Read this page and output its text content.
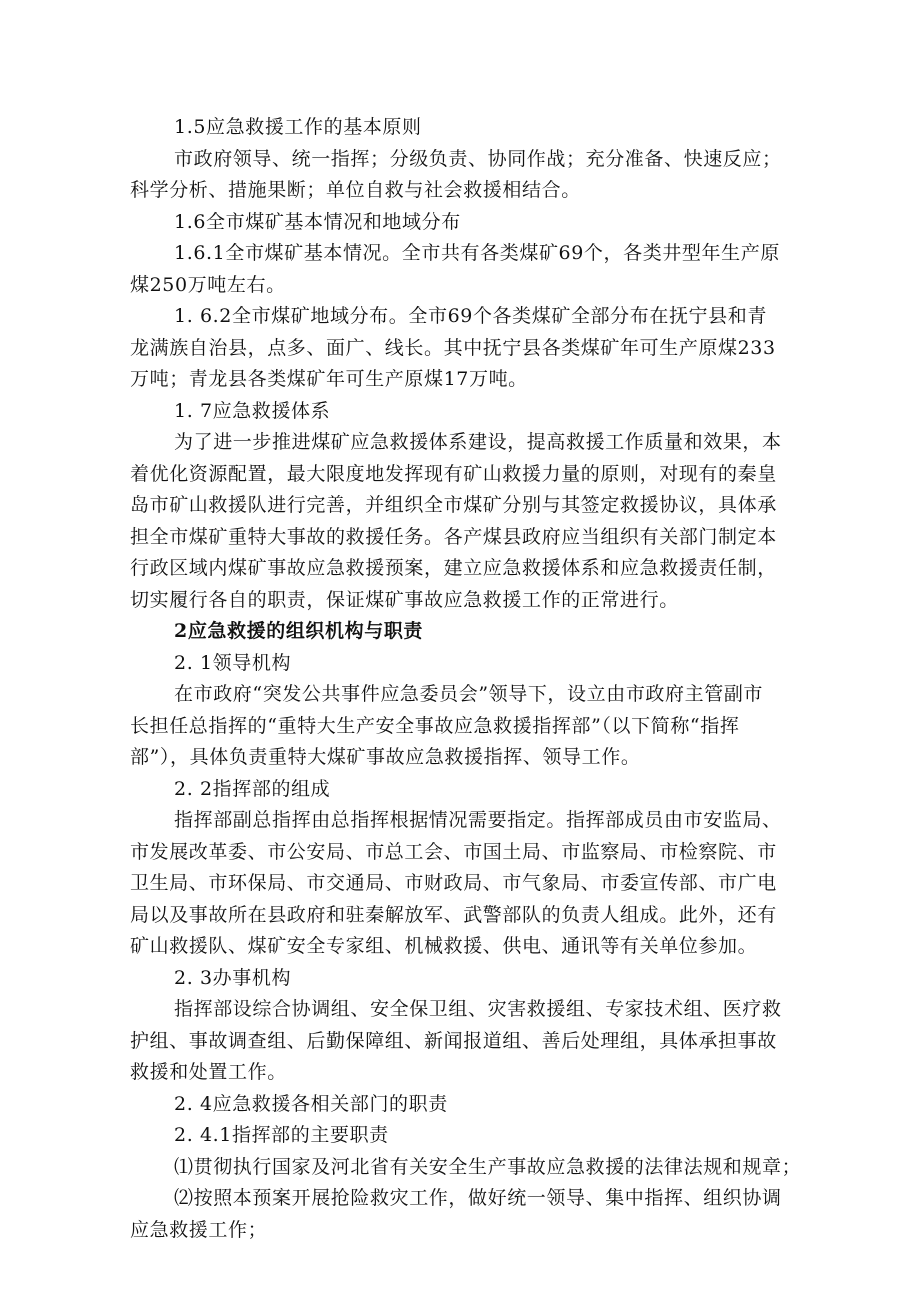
1.5应急救援工作的基本原则
市政府领导、统一指挥；分级负责、协同作战；充分准备、快速反应；
科学分析、措施果断；单位自救与社会救援相结合。
1.6全市煤矿基本情况和地域分布
1.6.1全市煤矿基本情况。全市共有各类煤矿69个，各类井型年生产原
煤250万吨左右。
1. 6.2全市煤矿地域分布。全市69个各类煤矿全部分布在抚宁县和青
龙满族自治县，点多、面广、线长。其中抚宁县各类煤矿年可生产原煤233
万吨；青龙县各类煤矿年可生产原煤17万吨。
1. 7应急救援体系
为了进一步推进煤矿应急救援体系建设，提高救援工作质量和效果，本
着优化资源配置，最大限度地发挥现有矿山救援力量的原则，对现有的秦皇
岛市矿山救援队进行完善，并组织全市煤矿分别与其签定救援协议，具体承
担全市煤矿重特大事故的救援任务。各产煤县政府应当组织有关部门制定本
行政区域内煤矿事故应急救援预案，建立应急救援体系和应急救援责任制，
切实履行各自的职责，保证煤矿事故应急救援工作的正常进行。
2应急救援的组织机构与职责
2. 1领导机构
在市政府“突发公共事件应急委员会”领导下，设立由市政府主管副市
长担任总指挥的“重特大生产安全事故应急救援指挥部”（以下简称“指挥
部”），具体负责重特大煤矿事故应急救援指挥、领导工作。
2. 2指挥部的组成
指挥部副总指挥由总指挥根据情况需要指定。指挥部成员由市安监局、
市发展改革委、市公安局、市总工会、市国土局、市监察局、市检察院、市
卫生局、市环保局、市交通局、市财政局、市气象局、市委宣传部、市广电
局以及事故所在县政府和驻秦解放军、武警部队的负责人组成。此外，还有
矿山救援队、煤矿安全专家组、机械救援、供电、通讯等有关单位参加。
2. 3办事机构
指挥部设综合协调组、安全保卫组、灾害救援组、专家技术组、医疗救
护组、事故调查组、后勤保障组、新闻报道组、善后处理组，具体承担事故
救援和处置工作。
2. 4应急救援各相关部门的职责
2. 4.1指挥部的主要职责
⑴贯彻执行国家及河北省有关安全生产事故应急救援的法律法规和规章；
⑵按照本预案开展抢险救灾工作，做好统一领导、集中指挥、组织协调
应急救援工作；
